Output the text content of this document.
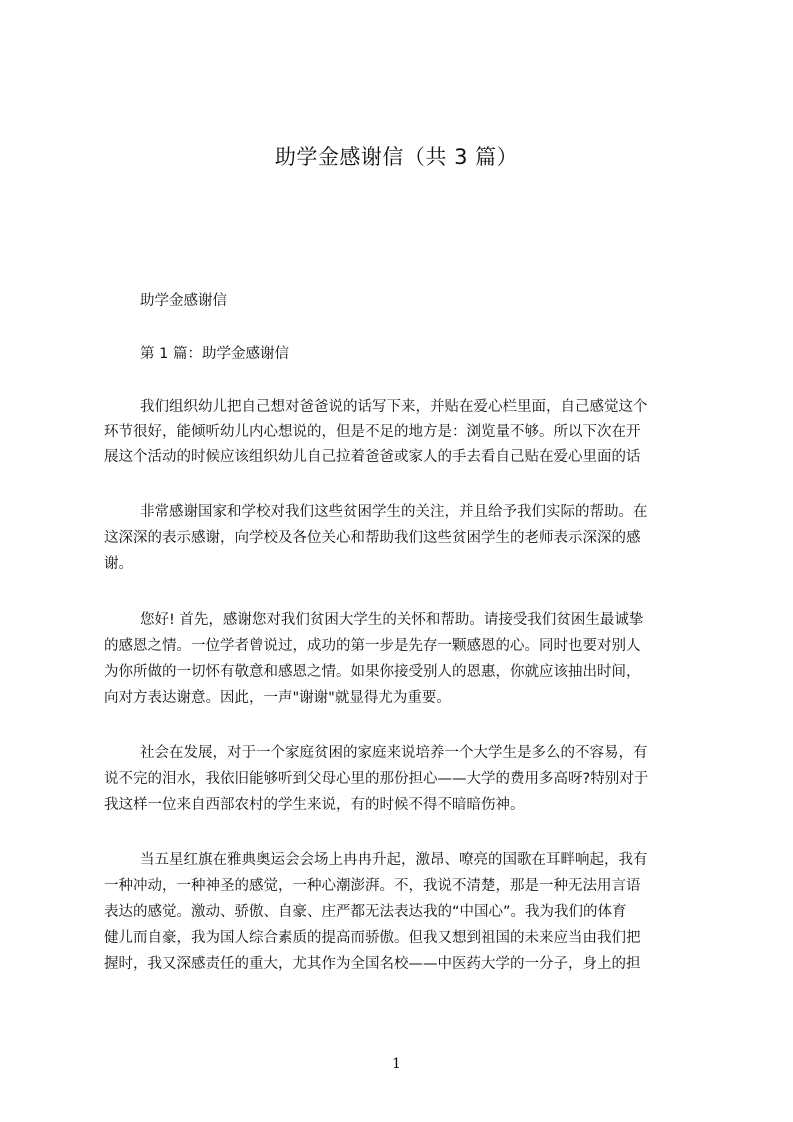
助学金感谢信（共 3 篇）

助学金感谢信

第 1 篇：助学金感谢信

我们组织幼儿把自己想对爸爸说的话写下来，并贴在爱心栏里面，自己感觉这个

环节很好，能倾听幼儿内心想说的，但是不足的地方是：浏览量不够。所以下次在开

展这个活动的时候应该组织幼儿自己拉着爸爸或家人的手去看自己贴在爱心里面的话

非常感谢国家和学校对我们这些贫困学生的关注，并且给予我们实际的帮助。在

这深深的表示感谢，向学校及各位关心和帮助我们这些贫困学生的老师表示深深的感

谢。

您好! 首先，感谢您对我们贫困大学生的关怀和帮助。请接受我们贫困生最诚挚

的感恩之情。一位学者曾说过，成功的第一步是先存一颗感恩的心。同时也要对别人

为你所做的一切怀有敬意和感恩之情。如果你接受别人的恩惠，你就应该抽出时间，

向对方表达谢意。因此，一声"谢谢"就显得尤为重要。

社会在发展，对于一个家庭贫困的家庭来说培养一个大学生是多么的不容易，有

说不完的泪水，我依旧能够听到父母心里的那份担心——大学的费用多高呀?特别对于

我这样一位来自西部农村的学生来说，有的时候不得不暗暗伤神。

当五星红旗在雅典奥运会会场上冉冉升起，激昂、嘹亮的国歌在耳畔响起，我有

一种冲动，一种神圣的感觉，一种心潮澎湃。不，我说不清楚，那是一种无法用言语

表达的感觉。激动、骄傲、自豪、庄严都无法表达我的“中国心”。我为我们的体育

健儿而自豪，我为国人综合素质的提高而骄傲。但我又想到祖国的未来应当由我们把

握时，我又深感责任的重大，尤其作为全国名校——中医药大学的一分子，身上的担

1
